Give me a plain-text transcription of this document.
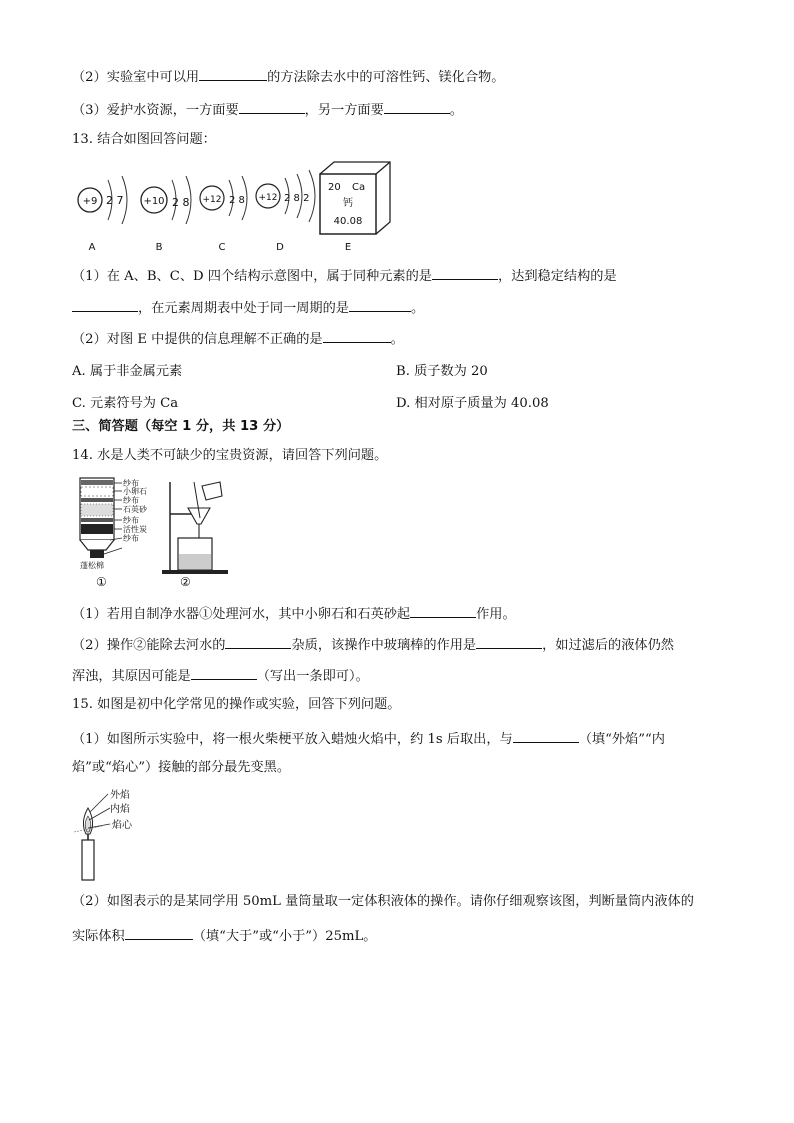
（2）实验室中可以用	的方法除去水中的可溶性钙、镁化合物。
（3）爱护水资源，一方面要	，另一方面要	。
13. 结合如图回答问题：
+9 2 7
A
+10 2 8
B
+12 2 8
C
+12 2 8 2
D
20 Ca
钙
40.08
E
（1）在 A、B、C、D 四个结构示意图中，属于同种元素的是	，达到稳定结构的是
，在元素周期表中处于同一周期的是	。
（2）对图 E 中提供的信息理解不正确的是	。
A. 属于非金属元素	B. 质子数为 20
C. 元素符号为 Ca	D. 相对原子质量为 40.08
三、简答题（每空 1 分，共 13 分）
14. 水是人类不可缺少的宝贵资源，请回答下列问题。
纱布
小卵石
纱布
石英砂
纱布
活性炭
纱布
蓬松棉
①	②
（1）若用自制净水器①处理河水，其中小卵石和石英砂起	作用。
（2）操作②能除去河水的	杂质，该操作中玻璃棒的作用是	，如过滤后的液体仍然
浑浊，其原因可能是	（写出一条即可）。
15. 如图是初中化学常见的操作或实验，回答下列问题。
（1）如图所示实验中，将一根火柴梗平放入蜡烛火焰中，约 1s 后取出，与	（填“外焰”“内
焰”或“焰心”）接触的部分最先变黑。
外焰
内焰
焰心
（2）如图表示的是某同学用 50mL 量筒量取一定体积液体的操作。请你仔细观察该图，判断量筒内液体的
实际体积	（填“大于”或“小于”）25mL。
